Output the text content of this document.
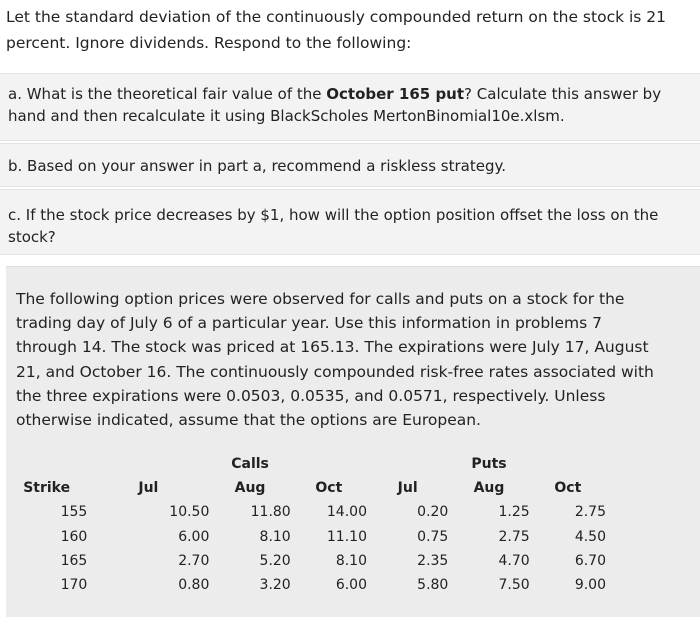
Let the standard deviation of the continuously compounded return on the stock is 21 percent. Ignore dividends. Respond to the following:
a. What is the theoretical fair value of the October 165 put? Calculate this answer by hand and then recalculate it using BlackScholes MertonBinomial10e.xlsm.
b. Based on your answer in part a, recommend a riskless strategy.
c. If the stock price decreases by $1, how will the option position offset the loss on the stock?
The following option prices were observed for calls and puts on a stock for the trading day of July 6 of a particular year. Use this information in problems 7 through 14. The stock was priced at 165.13. The expirations were July 17, August 21, and October 16. The continuously compounded risk-free rates associated with the three expirations were 0.0503, 0.0535, and 0.0571, respectively. Unless otherwise indicated, assume that the options are European.
		Calls			Puts	
Strike	Jul	Aug	Oct	Jul	Aug	Oct
155	10.50	11.80	14.00	0.20	1.25	2.75
160	6.00	8.10	11.10	0.75	2.75	4.50
165	2.70	5.20	8.10	2.35	4.70	6.70
170	0.80	3.20	6.00	5.80	7.50	9.00
